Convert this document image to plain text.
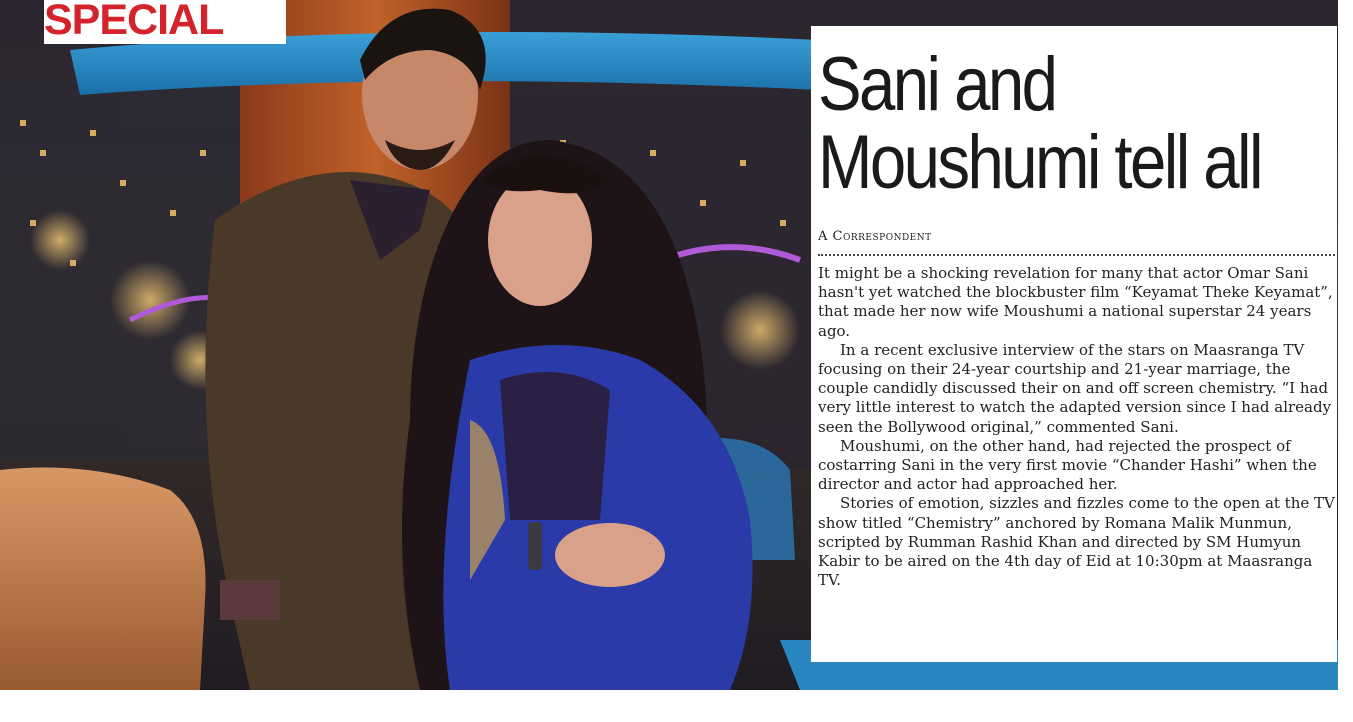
SPECIAL
Sani and Moushumi tell all
A Correspondent

It might be a shocking revelation for many that actor Omar Sani hasn't yet watched the blockbuster film “Keyamat Theke Keyamat”, that made her now wife Moushumi a national superstar 24 years ago.

In a recent exclusive interview of the stars on Maasranga TV focusing on their 24-year courtship and 21-year marriage, the couple candidly discussed their on and off screen chemistry. “I had very little interest to watch the adapted version since I had already seen the Bollywood original,” commented Sani.

Moushumi, on the other hand, had rejected the prospect of costarring Sani in the very first movie “Chander Hashi” when the director and actor had approached her.

Stories of emotion, sizzles and fizzles come to the open at the TV show titled “Chemistry” anchored by Romana Malik Munmun, scripted by Rumman Rashid Khan and directed by SM Humyun Kabir to be aired on the 4th day of Eid at 10:30pm at Maasranga TV.
